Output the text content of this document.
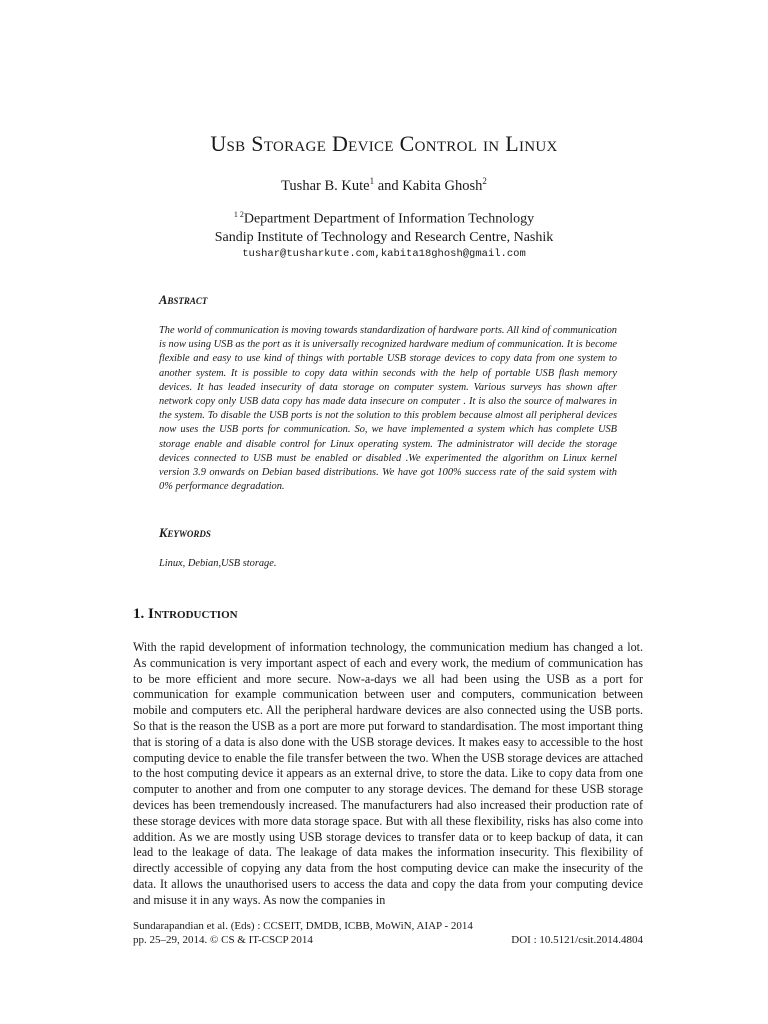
Usb Storage Device Control in Linux
Tushar B. Kute$^1$ and Kabita Ghosh$^2$
$^{1 2}$Department Department of Information Technology
Sandip Institute of Technology and Research Centre, Nashik
tushar@tusharkute.com,kabita18ghosh@gmail.com
Abstract
The world of communication is moving towards standardization of hardware ports. All kind of communication is now using USB as the port as it is universally recognized hardware medium of communication. It is become flexible and easy to use kind of things with portable USB storage devices to copy data from one system to another system. It is possible to copy data within seconds with the help of portable USB flash memory devices. It has leaded insecurity of data storage on computer system. Various surveys has shown after network copy only USB data copy has made data insecure on computer . It is also the source of malwares in the system. To disable the USB ports is not the solution to this problem because almost all peripheral devices now uses the USB ports for communication. So, we have implemented a system which has complete USB storage enable and disable control for Linux operating system. The administrator will decide the storage devices connected to USB must be enabled or disabled .We experimented the algorithm on Linux kernel version 3.9 onwards on Debian based distributions. We have got 100% success rate of the said system with 0% performance degradation.
Keywords
Linux, Debian,USB storage.
1. Introduction
With the rapid development of information technology, the communication medium has changed a lot. As communication is very important aspect of each and every work, the medium of communication has to be more efficient and more secure. Now-a-days we all had been using the USB as a port for communication for example communication between user and computers, communication between mobile and computers etc. All the peripheral hardware devices are also connected using the USB ports. So that is the reason the USB as a port are more put forward to standardisation. The most important thing that is storing of a data is also done with the USB storage devices. It makes easy to accessible to the host computing device to enable the file transfer between the two. When the USB storage devices are attached to the host computing device it appears as an external drive, to store the data. Like to copy data from one computer to another and from one computer to any storage devices. The demand for these USB storage devices has been tremendously increased. The manufacturers had also increased their production rate of these storage devices with more data storage space. But with all these flexibility, risks has also come into addition. As we are mostly using USB storage devices to transfer data or to keep backup of data, it can lead to the leakage of data. The leakage of data makes the information insecurity. This flexibility of directly accessible of copying any data from the host computing device can make the insecurity of the data. It allows the unauthorised users to access the data and copy the data from your computing device and misuse it in any ways. As now the companies in
Sundarapandian et al. (Eds) : CCSEIT, DMDB, ICBB, MoWiN, AIAP - 2014
pp. 25–29, 2014. © CS & IT-CSCP 2014	DOI : 10.5121/csit.2014.4804
